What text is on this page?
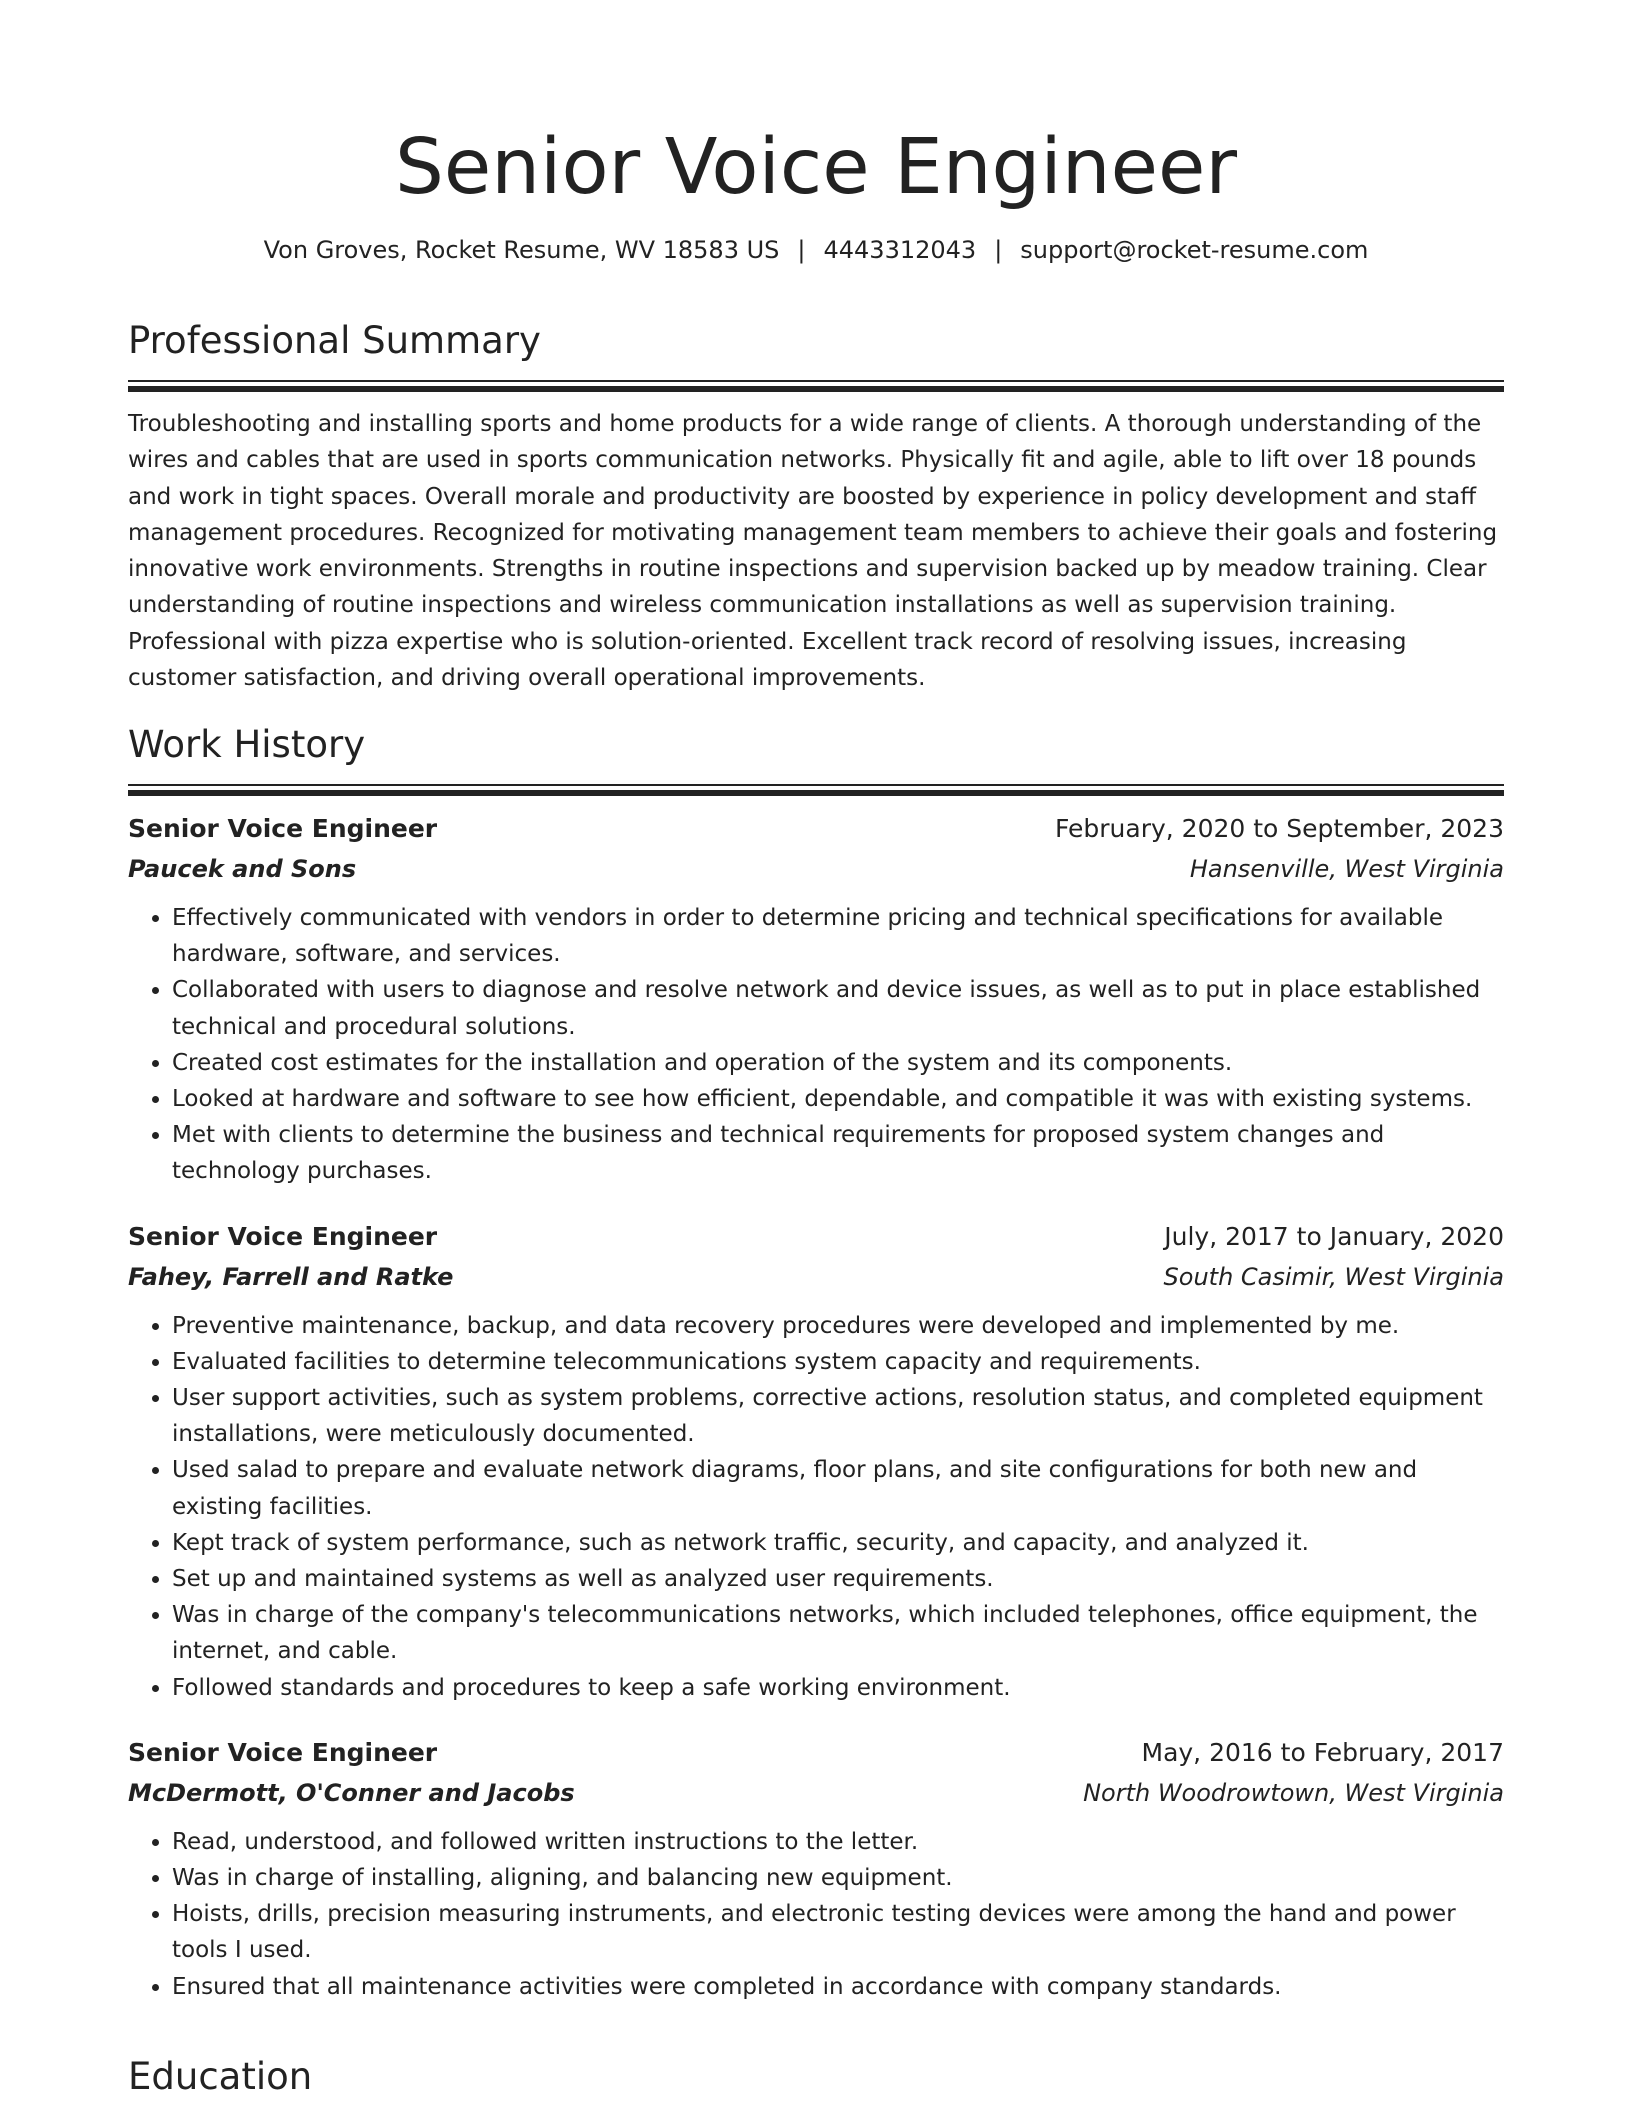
Senior Voice Engineer
Von Groves, Rocket Resume, WV 18583 US | 4443312043 | support@rocket-resume.com
Professional Summary
Troubleshooting and installing sports and home products for a wide range of clients. A thorough understanding of the wires and cables that are used in sports communication networks. Physically fit and agile, able to lift over 18 pounds and work in tight spaces. Overall morale and productivity are boosted by experience in policy development and staff management procedures. Recognized for motivating management team members to achieve their goals and fostering innovative work environments. Strengths in routine inspections and supervision backed up by meadow training. Clear understanding of routine inspections and wireless communication installations as well as supervision training. Professional with pizza expertise who is solution-oriented. Excellent track record of resolving issues, increasing customer satisfaction, and driving overall operational improvements.
Work History
Senior Voice Engineer	February, 2020 to September, 2023
Paucek and Sons	Hansenville, West Virginia
• Effectively communicated with vendors in order to determine pricing and technical specifications for available hardware, software, and services.
• Collaborated with users to diagnose and resolve network and device issues, as well as to put in place established technical and procedural solutions.
• Created cost estimates for the installation and operation of the system and its components.
• Looked at hardware and software to see how efficient, dependable, and compatible it was with existing systems.
• Met with clients to determine the business and technical requirements for proposed system changes and technology purchases.
Senior Voice Engineer	July, 2017 to January, 2020
Fahey, Farrell and Ratke	South Casimir, West Virginia
• Preventive maintenance, backup, and data recovery procedures were developed and implemented by me.
• Evaluated facilities to determine telecommunications system capacity and requirements.
• User support activities, such as system problems, corrective actions, resolution status, and completed equipment installations, were meticulously documented.
• Used salad to prepare and evaluate network diagrams, floor plans, and site configurations for both new and existing facilities.
• Kept track of system performance, such as network traffic, security, and capacity, and analyzed it.
• Set up and maintained systems as well as analyzed user requirements.
• Was in charge of the company's telecommunications networks, which included telephones, office equipment, the internet, and cable.
• Followed standards and procedures to keep a safe working environment.
Senior Voice Engineer	May, 2016 to February, 2017
McDermott, O'Conner and Jacobs	North Woodrowtown, West Virginia
• Read, understood, and followed written instructions to the letter.
• Was in charge of installing, aligning, and balancing new equipment.
• Hoists, drills, precision measuring instruments, and electronic testing devices were among the hand and power tools I used.
• Ensured that all maintenance activities were completed in accordance with company standards.
Education
